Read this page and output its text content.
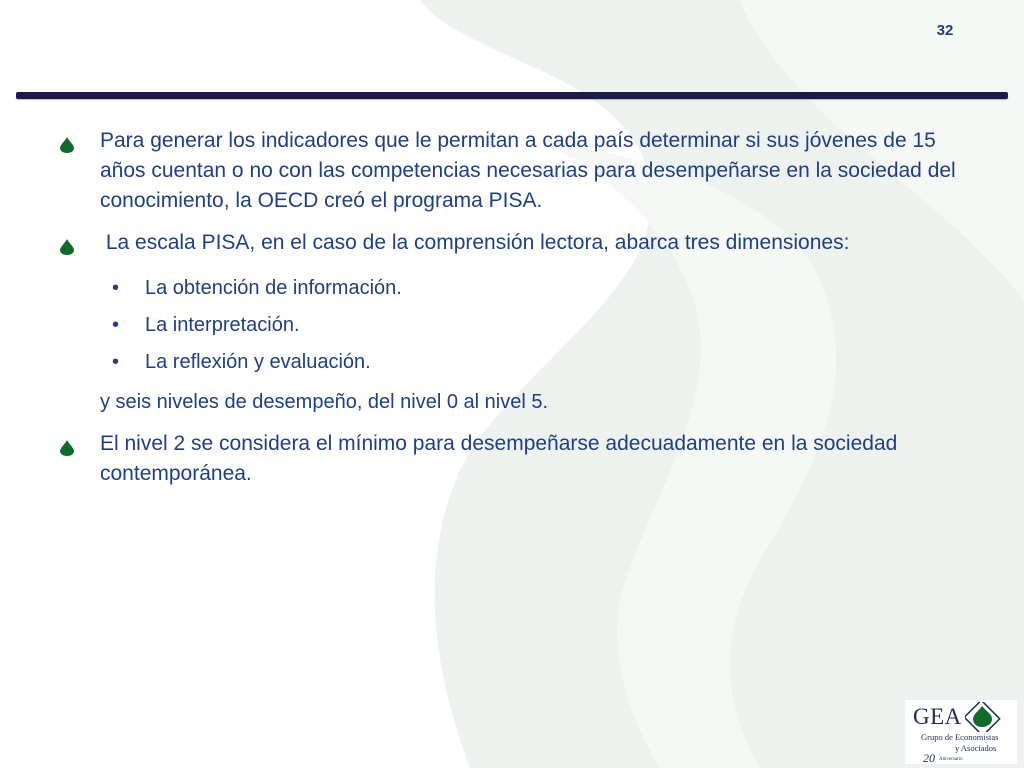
32
Para generar los indicadores que le permitan a cada país determinar si sus jóvenes de 15 años cuentan o no con las competencias necesarias para desempeñarse en la sociedad del conocimiento, la OECD creó el programa PISA.
La escala PISA, en el caso de la comprensión lectora, abarca tres dimensiones:
• La obtención de información.
• La interpretación.
• La reflexión y evaluación.
y seis niveles de desempeño, del nivel 0 al nivel 5.
El nivel 2 se considera el mínimo para desempeñarse adecuadamente en la sociedad contemporánea.
GEA
Grupo de Economistas
y Asociados
20 Aniversario
